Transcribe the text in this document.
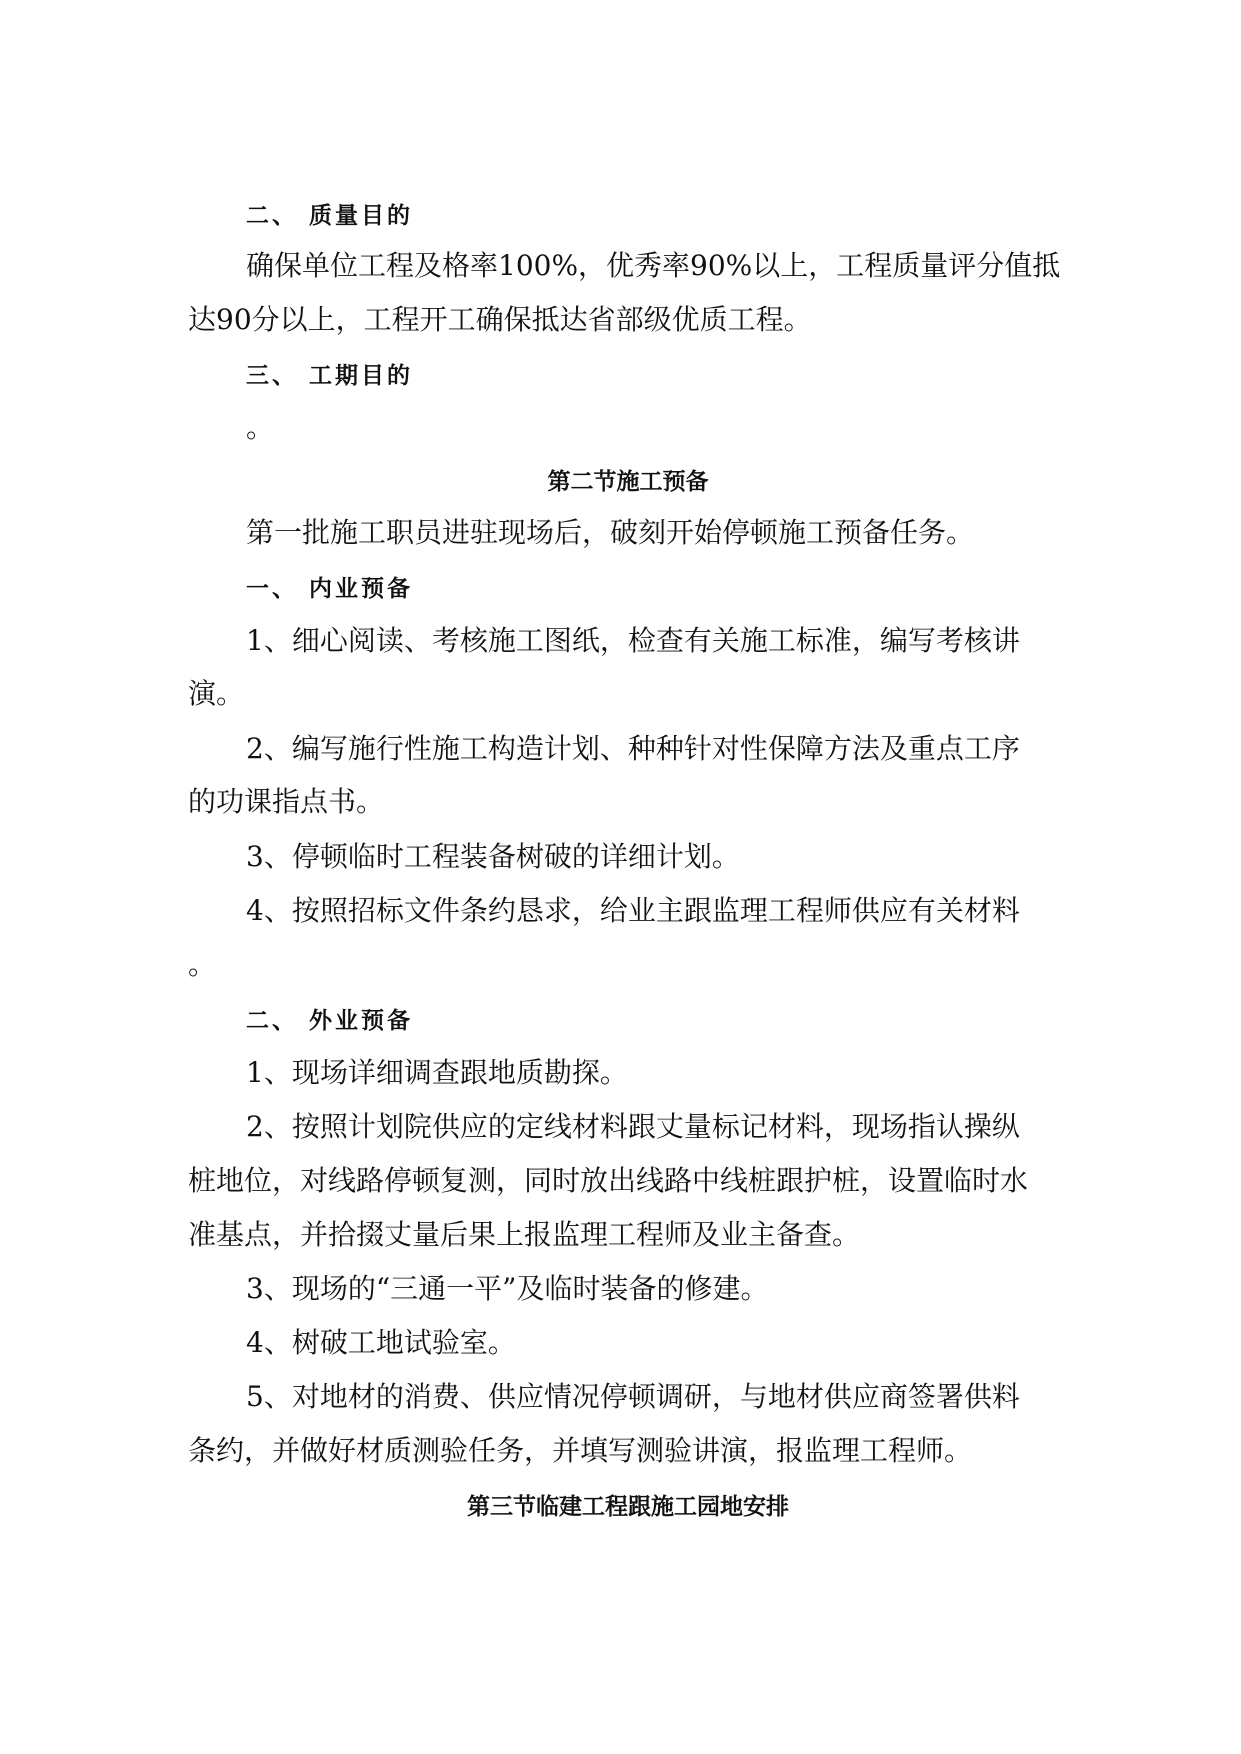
二、 质量目的

确保单位工程及格率100%，优秀率90%以上，工程质量评分值抵

达90分以上，工程开工确保抵达省部级优质工程。

三、 工期目的

。

第二节施工预备

第一批施工职员进驻现场后，破刻开始停顿施工预备任务。

一、 内业预备

1、细心阅读、考核施工图纸，检查有关施工标准，编写考核讲

演。

2、编写施行性施工构造计划、种种针对性保障方法及重点工序

的功课指点书。

3、停顿临时工程装备树破的详细计划。

4、按照招标文件条约恳求，给业主跟监理工程师供应有关材料

。

二、 外业预备

1、现场详细调查跟地质勘探。

2、按照计划院供应的定线材料跟丈量标记材料，现场指认操纵

桩地位，对线路停顿复测，同时放出线路中线桩跟护桩，设置临时水

准基点，并拾掇丈量后果上报监理工程师及业主备查。

3、现场的“三通一平”及临时装备的修建。

4、树破工地试验室。

5、对地材的消费、供应情况停顿调研，与地材供应商签署供料

条约，并做好材质测验任务，并填写测验讲演，报监理工程师。

第三节临建工程跟施工园地安排
